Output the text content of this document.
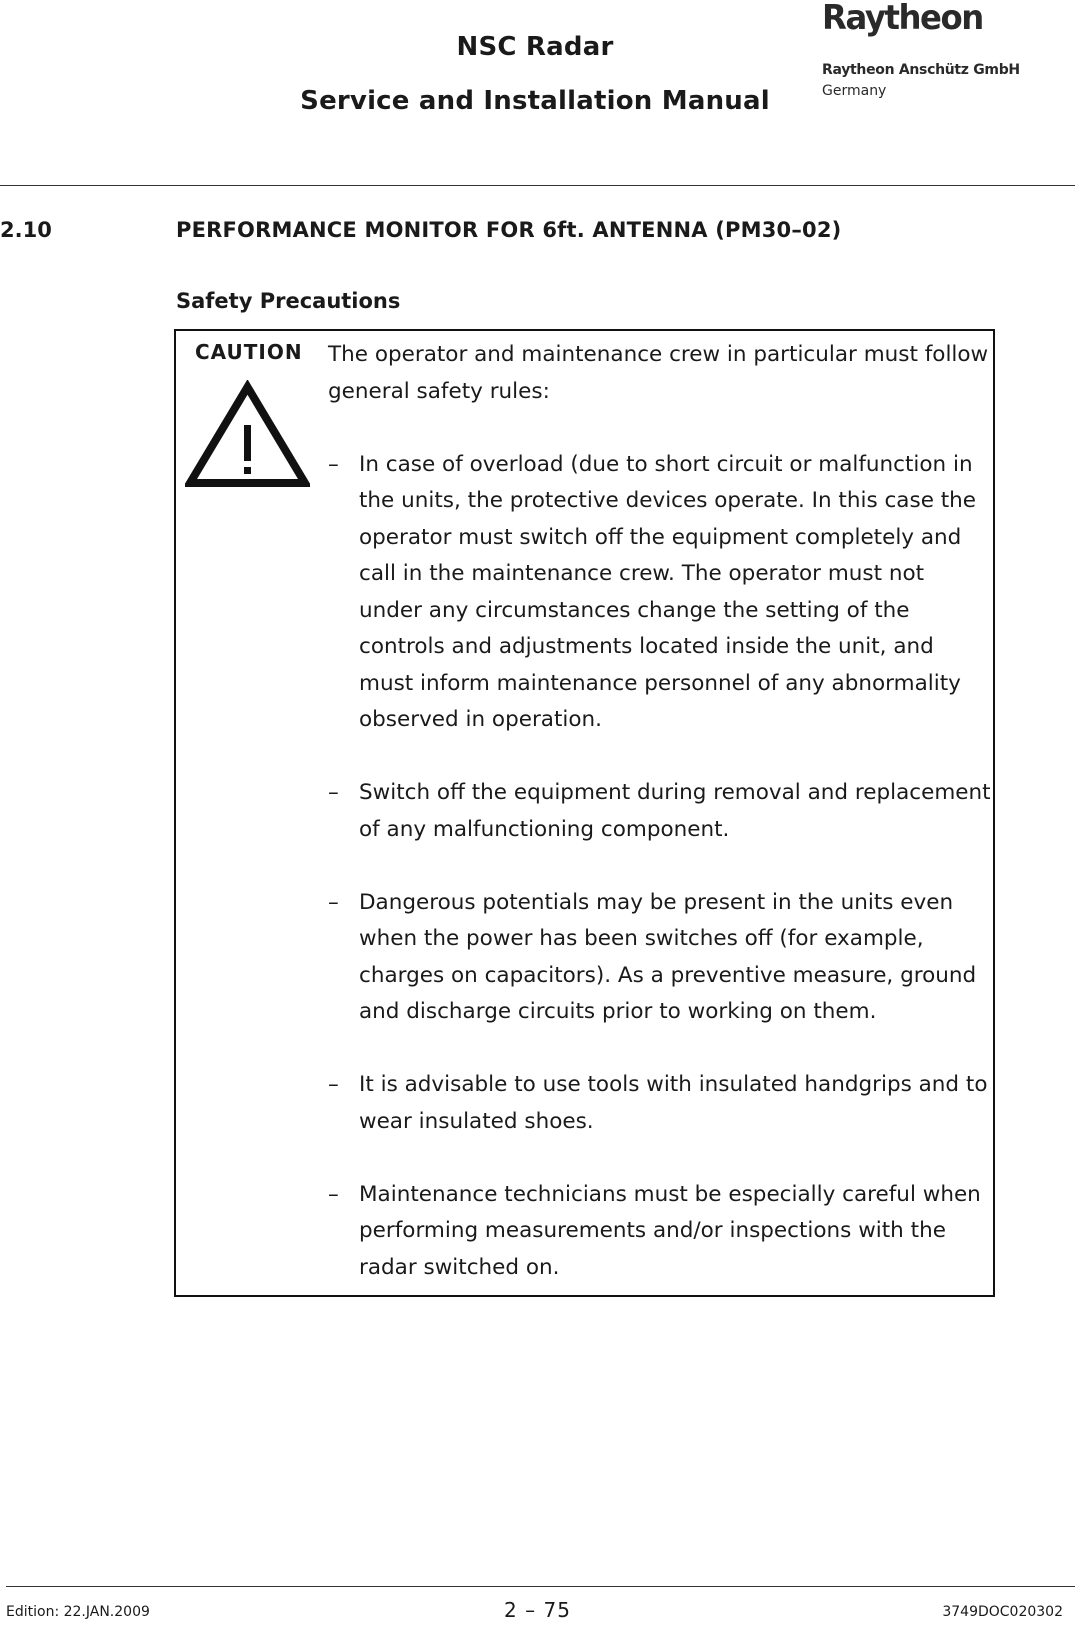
NSC Radar
Service and Installation Manual
Raytheon
Raytheon Anschütz GmbH
Germany
2.10	PERFORMANCE MONITOR FOR 6ft. ANTENNA (PM30–02)
Safety Precautions
CAUTION The operator and maintenance crew in particular must follow general safety rules:

– In case of overload (due to short circuit or malfunction in the units, the protective devices operate. In this case the operator must switch off the equipment completely and call in the maintenance crew. The operator must not under any circumstances change the setting of the controls and adjustments located inside the unit, and must inform maintenance personnel of any abnormality observed in operation.
– Switch off the equipment during removal and replacement of any malfunctioning component.
– Dangerous potentials may be present in the units even when the power has been switches off (for example, charges on capacitors). As a preventive measure, ground and discharge circuits prior to working on them.
– It is advisable to use tools with insulated handgrips and to wear insulated shoes.
– Maintenance technicians must be especially careful when performing measurements and/or inspections with the radar switched on.
Edition: 22.JAN.2009	2 – 75	3749DOC020302
